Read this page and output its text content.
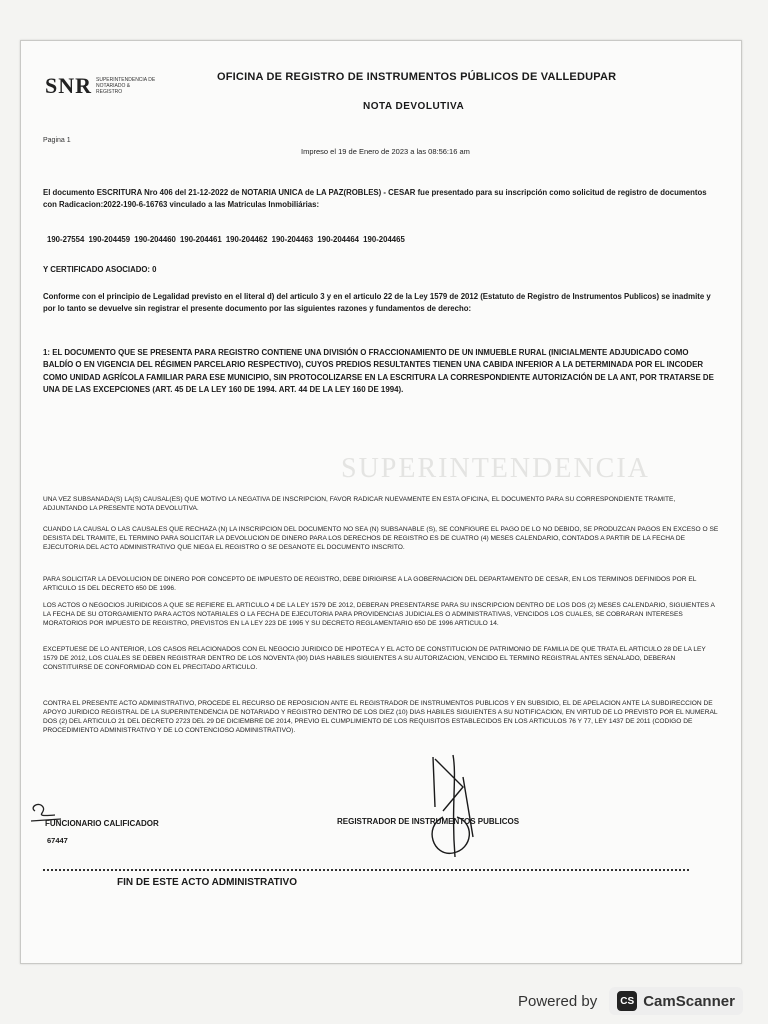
SNR SUPERINTENDENCIA DE NOTARIADO & REGISTRO
OFICINA DE REGISTRO DE INSTRUMENTOS PÚBLICOS DE VALLEDUPAR
NOTA DEVOLUTIVA
Pagina 1
Impreso el 19 de Enero de 2023 a las 08:56:16 am
El documento ESCRITURA Nro 406 del 21-12-2022 de NOTARIA UNICA de LA PAZ(ROBLES) - CESAR fue presentado para su inscripción como solicitud de registro de documentos con Radicacion:2022-190-6-16763 vinculado a las Matriculas Inmobiliárias:
190-27554 190-204459 190-204460 190-204461 190-204462 190-204463 190-204464 190-204465
Y CERTIFICADO ASOCIADO: 0
Conforme con el principio de Legalidad previsto en el literal d) del articulo 3 y en el articulo 22 de la Ley 1579 de 2012 (Estatuto de Registro de Instrumentos Publicos) se inadmite y por lo tanto se devuelve sin registrar el presente documento por las siguientes razones y fundamentos de derecho:
1: EL DOCUMENTO QUE SE PRESENTA PARA REGISTRO CONTIENE UNA DIVISIÓN O FRACCIONAMIENTO DE UN INMUEBLE RURAL (INICIALMENTE ADJUDICADO COMO BALDÍO O EN VIGENCIA DEL RÉGIMEN PARCELARIO RESPECTIVO), CUYOS PREDIOS RESULTANTES TIENEN UNA CABIDA INFERIOR A LA DETERMINADA POR EL INCODER COMO UNIDAD AGRÍCOLA FAMILIAR PARA ESE MUNICIPIO, SIN PROTOCOLIZARSE EN LA ESCRITURA LA CORRESPONDIENTE AUTORIZACIÓN DE LA ANT, POR TRATARSE DE UNA DE LAS EXCEPCIONES (ART. 45 DE LA LEY 160 DE 1994. ART. 44 DE LA LEY 160 DE 1994).
SUPERINTENDENCIA
UNA VEZ SUBSANADA(S) LA(S) CAUSAL(ES) QUE MOTIVO LA NEGATIVA DE INSCRIPCION, FAVOR RADICAR NUEVAMENTE EN ESTA OFICINA, EL DOCUMENTO PARA SU CORRESPONDIENTE TRAMITE, ADJUNTANDO LA PRESENTE NOTA DEVOLUTIVA.
CUANDO LA CAUSAL O LAS CAUSALES QUE RECHAZA (N) LA INSCRIPCION DEL DOCUMENTO NO SEA (N) SUBSANABLE (S), SE CONFIGURE EL PAGO DE LO NO DEBIDO, SE PRODUZCAN PAGOS EN EXCESO O SE DESISTA DEL TRAMITE, EL TERMINO PARA SOLICITAR LA DEVOLUCION DE DINERO PARA LOS DERECHOS DE REGISTRO ES DE CUATRO (4) MESES CALENDARIO, CONTADOS A PARTIR DE LA FECHA DE EJECUTORIA DEL ACTO ADMINISTRATIVO QUE NIEGA EL REGISTRO O SE DESANOTE EL DOCUMENTO INSCRITO.
PARA SOLICITAR LA DEVOLUCION DE DINERO POR CONCEPTO DE IMPUESTO DE REGISTRO, DEBE DIRIGIRSE A LA GOBERNACION DEL DEPARTAMENTO DE CESAR, EN LOS TERMINOS DEFINIDOS POR EL ARTICULO 15 DEL DECRETO 650 DE 1996.
LOS ACTOS O NEGOCIOS JURIDICOS A QUE SE REFIERE EL ARTICULO 4 DE LA LEY 1579 DE 2012, DEBERAN PRESENTARSE PARA SU INSCRIPCION DENTRO DE LOS DOS (2) MESES CALENDARIO, SIGUIENTES A LA FECHA DE SU OTORGAMIENTO PARA ACTOS NOTARIALES O LA FECHA DE EJECUTORIA PARA PROVIDENCIAS JUDICIALES O ADMINISTRATIVAS, VENCIDOS LOS CUALES, SE COBRARAN INTERESES MORATORIOS POR IMPUESTO DE REGISTRO, PREVISTOS EN LA LEY 223 DE 1995 Y SU DECRETO REGLAMENTARIO 650 DE 1996 ARTICULO 14.
EXCEPTUESE DE LO ANTERIOR, LOS CASOS RELACIONADOS CON EL NEGOCIO JURIDICO DE HIPOTECA Y EL ACTO DE CONSTITUCION DE PATRIMONIO DE FAMILIA DE QUE TRATA EL ARTICULO 28 DE LA LEY 1579 DE 2012, LOS CUALES SE DEBEN REGISTRAR DENTRO DE LOS NOVENTA (90) DIAS HABILES SIGUIENTES A SU AUTORIZACION, VENCIDO EL TERMINO REGISTRAL ANTES SENALADO, DEBERAN CONSTITUIRSE DE CONFORMIDAD CON EL PRECITADO ARTICULO.
CONTRA EL PRESENTE ACTO ADMINISTRATIVO, PROCEDE EL RECURSO DE REPOSICION ANTE EL REGISTRADOR DE INSTRUMENTOS PUBLICOS Y EN SUBSIDIO, EL DE APELACION ANTE LA SUBDIRECCION DE APOYO JURIDICO REGISTRAL DE LA SUPERINTENDENCIA DE NOTARIADO Y REGISTRO DENTRO DE LOS DIEZ (10) DIAS HABILES SIGUIENTES A SU NOTIFICACION, EN VIRTUD DE LO PREVISTO POR EL NUMERAL DOS (2) DEL ARTICULO 21 DEL DECRETO 2723 DEL 29 DE DICIEMBRE DE 2014, PREVIO EL CUMPLIMIENTO DE LOS REQUISITOS ESTABLECIDOS EN LOS ARTICULOS 76 Y 77, LEY 1437 DE 2011 (CODIGO DE PROCEDIMIENTO ADMINISTRATIVO Y DE LO CONTENCIOSO ADMINISTRATIVO).
FUNCIONARIO CALIFICADOR
67447
REGISTRADOR DE INSTRUMENTOS PUBLICOS
FIN DE ESTE ACTO ADMINISTRATIVO
Powered by	CS CamScanner
